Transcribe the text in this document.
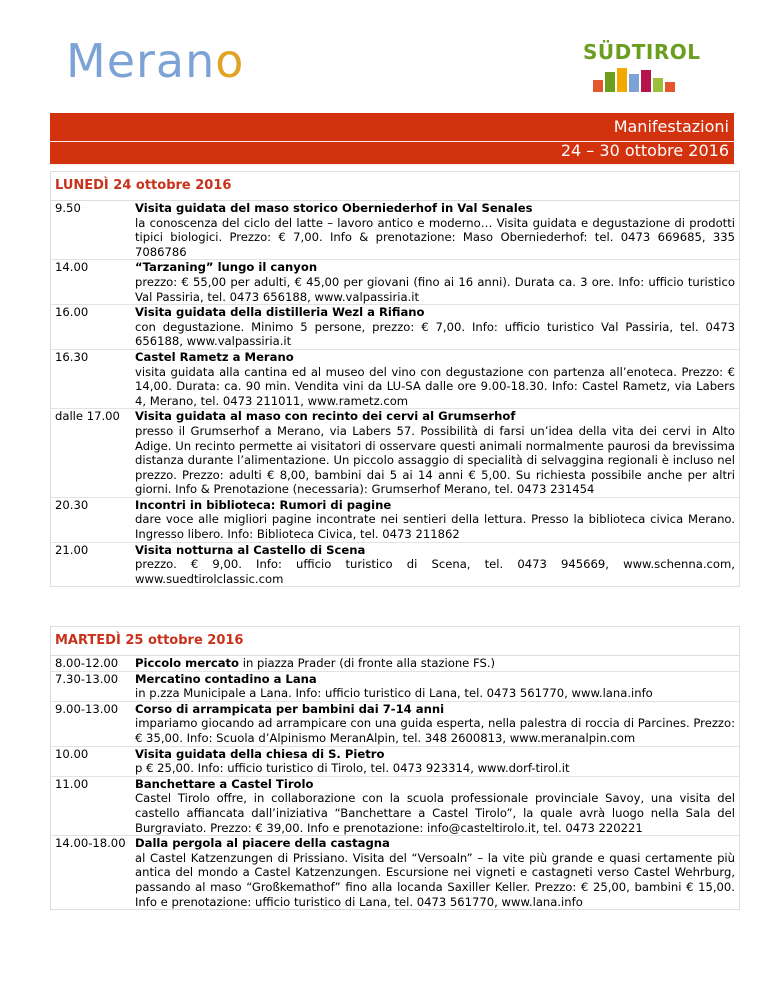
Merano	SÜDTIROL
Manifestazioni
24 – 30 ottobre 2016
LUNEDÌ 24 ottobre 2016
9.50	Visita guidata del maso storico Oberniederhof in Val Senales
la conoscenza del ciclo del latte – lavoro antico e moderno… Visita guidata e degustazione di prodotti tipici biologici. Prezzo: € 7,00. Info & prenotazione: Maso Oberniederhof: tel. 0473 669685, 335 7086786
14.00	“Tarzaning” lungo il canyon
prezzo: € 55,00 per adulti, € 45,00 per giovani (fino ai 16 anni). Durata ca. 3 ore. Info: ufficio turistico Val Passiria, tel. 0473 656188, www.valpassiria.it
16.00	Visita guidata della distilleria Wezl a Rifiano
con degustazione. Minimo 5 persone, prezzo: € 7,00. Info: ufficio turistico Val Passiria, tel. 0473 656188, www.valpassiria.it
16.30	Castel Rametz a Merano
visita guidata alla cantina ed al museo del vino con degustazione con partenza all’enoteca. Prezzo: € 14,00. Durata: ca. 90 min. Vendita vini da LU-SA dalle ore 9.00-18.30. Info: Castel Rametz, via Labers 4, Merano, tel. 0473 211011, www.rametz.com
dalle 17.00	Visita guidata al maso con recinto dei cervi al Grumserhof
presso il Grumserhof a Merano, via Labers 57. Possibilità di farsi un’idea della vita dei cervi in Alto Adige. Un recinto permette ai visitatori di osservare questi animali normalmente paurosi da brevissima distanza durante l’alimentazione. Un piccolo assaggio di specialità di selvaggina regionali è incluso nel prezzo. Prezzo: adulti € 8,00, bambini dai 5 ai 14 anni € 5,00. Su richiesta possibile anche per altri giorni. Info & Prenotazione (necessaria): Grumserhof Merano, tel. 0473 231454
20.30	Incontri in biblioteca: Rumori di pagine
dare voce alle migliori pagine incontrate nei sentieri della lettura. Presso la biblioteca civica Merano. Ingresso libero. Info: Biblioteca Civica, tel. 0473 211862
21.00	Visita notturna al Castello di Scena
prezzo. € 9,00. Info: ufficio turistico di Scena, tel. 0473 945669, www.schenna.com, www.suedtirolclassic.com
MARTEDÌ 25 ottobre 2016
8.00-12.00	Piccolo mercato in piazza Prader (di fronte alla stazione FS.)
7.30-13.00	Mercatino contadino a Lana
in p.zza Municipale a Lana. Info: ufficio turistico di Lana, tel. 0473 561770, www.lana.info
9.00-13.00	Corso di arrampicata per bambini dai 7-14 anni
impariamo giocando ad arrampicare con una guida esperta, nella palestra di roccia di Parcines. Prezzo: € 35,00. Info: Scuola d’Alpinismo MeranAlpin, tel. 348 2600813, www.meranalpin.com
10.00	Visita guidata della chiesa di S. Pietro
p € 25,00. Info: ufficio turistico di Tirolo, tel. 0473 923314, www.dorf-tirol.it
11.00	Banchettare a Castel Tirolo
Castel Tirolo offre, in collaborazione con la scuola professionale provinciale Savoy, una visita del castello affiancata dall’iniziativa “Banchettare a Castel Tirolo”, la quale avrà luogo nella Sala del Burgraviato. Prezzo: € 39,00. Info e prenotazione: info@casteltirolo.it, tel. 0473 220221
14.00-18.00 Dalla pergola al piacere della castagna
al Castel Katzenzungen di Prissiano. Visita del “Versoaln” – la vite più grande e quasi certamente più antica del mondo a Castel Katzenzungen. Escursione nei vigneti e castagneti verso Castel Wehrburg, passando al maso “Großkemathof” fino alla locanda Saxiller Keller. Prezzo: € 25,00, bambini € 15,00. Info e prenotazione: ufficio turistico di Lana, tel. 0473 561770, www.lana.info
